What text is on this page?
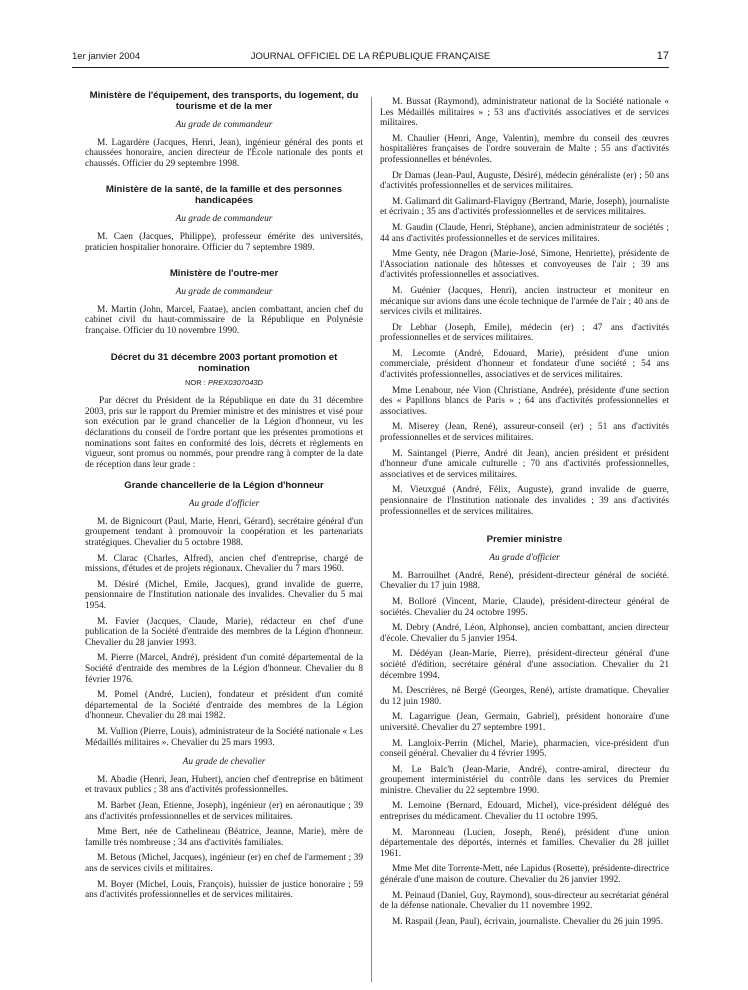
1er janvier 2004	JOURNAL OFFICIEL DE LA RÉPUBLIQUE FRANÇAISE	17
Ministère de l'équipement, des transports, du logement, du tourisme et de la mer
Au grade de commandeur

M. Lagardère (Jacques, Henri, Jean), ingénieur général des ponts et chaussées honoraire, ancien directeur de l'École nationale des ponts et chaussés. Officier du 29 septembre 1998.

Ministère de la santé, de la famille et des personnes handicapées
Au grade de commandeur

M. Caen (Jacques, Philippe), professeur émérite des universités, praticien hospitalier honoraire. Officier du 7 septembre 1989.

Ministère de l'outre-mer
Au grade de commandeur

M. Martin (John, Marcel, Faatae), ancien combattant, ancien chef du cabinet civil du haut-commissaire de la République en Polynésie française. Officier du 10 novembre 1990.

Décret du 31 décembre 2003 portant promotion et nomination
NOR : PREX0307043D

Par décret du Président de la République en date du 31 décembre 2003, pris sur le rapport du Premier ministre et des ministres et visé pour son exécution par le grand chancelier de la Légion d'honneur, vu les déclarations du conseil de l'ordre portant que les présentes promotions et nominations sont faites en conformité des lois, décrets et règlements en vigueur, sont promus ou nommés, pour prendre rang à compter de la date de réception dans leur grade :

Grande chancellerie de la Légion d'honneur
Au grade d'officier

M. de Bignicourt (Paul, Marie, Henri, Gérard), secrétaire général d'un groupement tendant à promouvoir la coopération et les partenariats stratégiques. Chevalier du 5 octobre 1988.

M. Clarac (Charles, Alfred), ancien chef d'entreprise, chargé de missions, d'études et de projets régionaux. Chevalier du 7 mars 1960.

M. Désiré (Michel, Emile, Jacques), grand invalide de guerre, pensionnaire de l'Institution nationale des invalides. Chevalier du 5 mai 1954.

M. Favier (Jacques, Claude, Marie), rédacteur en chef d'une publication de la Société d'entraide des membres de la Légion d'honneur. Chevalier du 28 janvier 1993.

M. Pierre (Marcel, André), président d'un comité départemental de la Société d'entraide des membres de la Légion d'honneur. Chevalier du 8 février 1976.

M. Pomel (André, Lucien), fondateur et président d'un comité départemental de la Société d'entraide des membres de la Légion d'honneur. Chevalier du 28 mai 1982.

M. Vullion (Pierre, Louis), administrateur de la Société nationale « Les Médaillés militaires ». Chevalier du 25 mars 1993.

Au grade de chevalier

M. Abadie (Henri, Jean, Hubert), ancien chef d'entreprise en bâtiment et travaux publics ; 38 ans d'activités professionnelles.

M. Barbet (Jean, Etienne, Joseph), ingénieur (er) en aéronautique ; 39 ans d'activités professionnelles et de services militaires.

Mme Bert, née de Cathelineau (Béatrice, Jeanne, Marie), mère de famille très nombreuse ; 34 ans d'activités familiales.

M. Betous (Michel, Jacques), ingénieur (er) en chef de l'armement ; 39 ans de services civils et militaires.

M. Boyer (Michel, Louis, François), huissier de justice honoraire ; 59 ans d'activités professionnelles et de services militaires.

M. Bussat (Raymond), administrateur national de la Société nationale « Les Médaillés militaires » ; 53 ans d'activités associatives et de services militaires.

M. Chaulier (Henri, Ange, Valentin), membre du conseil des œuvres hospitalières françaises de l'ordre souverain de Malte ; 55 ans d'activités professionnelles et bénévoles.

Dr Damas (Jean-Paul, Auguste, Désiré), médecin généraliste (er) ; 50 ans d'activités professionnelles et de services militaires.

M. Galimard dit Galimard-Flavigny (Bertrand, Marie, Joseph), journaliste et écrivain ; 35 ans d'activités professionnelles et de services militaires.

M. Gaudin (Claude, Henri, Stéphane), ancien administrateur de sociétés ; 44 ans d'activités professionnelles et de services militaires.

Mme Genty, née Dragon (Marie-José, Simone, Henriette), présidente de l'Association nationale des hôtesses et convoyeuses de l'air ; 39 ans d'activités professionnelles et associatives.

M. Guénier (Jacques, Henri), ancien instructeur et moniteur en mécanique sur avions dans une école technique de l'armée de l'air ; 40 ans de services civils et militaires.

Dr Lebhar (Joseph, Emile), médecin (er) ; 47 ans d'activités professionnelles et de services militaires.

M. Lecomte (André, Edouard, Marie), président d'une union commerciale, président d'honneur et fondateur d'une société ; 54 ans d'activités professionnelles, associatives et de services militaires.

Mme Lenabour, née Vion (Christiane, Andrée), présidente d'une section des « Papillons blancs de Paris » ; 64 ans d'activités professionnelles et associatives.

M. Miserey (Jean, René), assureur-conseil (er) ; 51 ans d'activités professionnelles et de services militaires.

M. Saintangel (Pierre, André dit Jean), ancien président et président d'honneur d'une amicale culturelle ; 70 ans d'activités professionnelles, associatives et de services militaires.

M. Vieuxgué (André, Félix, Auguste), grand invalide de guerre, pensionnaire de l'Institution nationale des invalides ; 39 ans d'activités professionnelles et de services militaires.

Premier ministre
Au grade d'officier

M. Barrouilhet (André, René), président-directeur général de société. Chevalier du 17 juin 1988.

M. Bolloré (Vincent, Marie, Claude), président-directeur général de sociétés. Chevalier du 24 octobre 1995.

M. Debry (André, Léon, Alphonse), ancien combattant, ancien directeur d'école. Chevalier du 5 janvier 1954.

M. Dédéyan (Jean-Marie, Pierre), président-directeur général d'une société d'édition, secrétaire général d'une association. Chevalier du 21 décembre 1994.

M. Descrières, né Bergé (Georges, René), artiste dramatique. Chevalier du 12 juin 1980.

M. Lagarrigue (Jean, Germain, Gabriel), président honoraire d'une université. Chevalier du 27 septembre 1991.

M. Langloix-Perrin (Michel, Marie), pharmacien, vice-président d'un conseil général. Chevalier du 4 février 1995.

M. Le Balc'h (Jean-Marie, André), contre-amiral, directeur du groupement interministériel du contrôle dans les services du Premier ministre. Chevalier du 22 septembre 1990.

M. Lemoine (Bernard, Edouard, Michel), vice-président délégué des entreprises du médicament. Chevalier du 11 octobre 1995.

M. Maronneau (Lucien, Joseph, René), président d'une union départementale des déportés, internés et familles. Chevalier du 28 juillet 1961.

Mme Met dite Torrente-Mett, née Lapidus (Rosette), présidente-directrice générale d'une maison de couture. Chevalier du 26 janvier 1992.

M. Peinaud (Daniel, Guy, Raymond), sous-directeur au secrétariat général de la défense nationale. Chevalier du 11 novembre 1992.

M. Raspail (Jean, Paul), écrivain, journaliste. Chevalier du 26 juin 1995.
